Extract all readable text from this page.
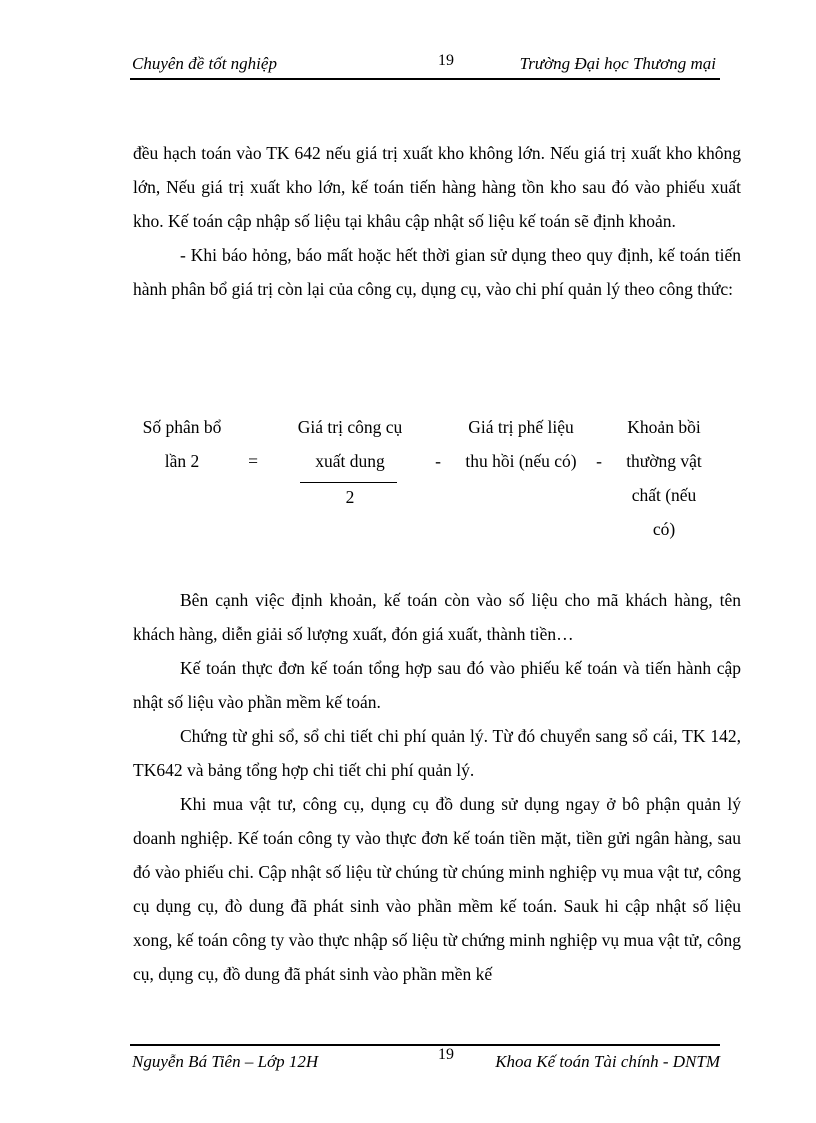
Chuyên đề tốt nghiệp	19	Trường Đại học Thương mại

đều hạch toán vào TK 642 nếu giá trị xuất kho không lớn. Nếu giá trị xuất kho không lớn, Nếu giá trị xuất kho lớn, kế toán tiến hàng hàng tồn kho sau đó vào phiếu xuất kho. Kế toán cập nhập số liệu tại khâu cập nhật số liệu kế toán sẽ định khoản.

- Khi báo hỏng, báo mất hoặc hết thời gian sử dụng theo quy định, kế toán tiến hành phân bổ giá trị còn lại của công cụ, dụng cụ, vào chi phí quản lý theo công thức:

Số phân bổ
lần 2	=
Giá trị công cụ
xuất dung
2
-
Giá trị phế liệu
thu hồi (nếu có)	-
Khoản bồi
thường vật
chất (nếu
có)

Bên cạnh việc định khoản, kế toán còn vào số liệu cho mã khách hàng, tên khách hàng, diễn giải số lượng xuất, đón giá xuất, thành tiền…

Kế toán thực đơn kế toán tổng hợp sau đó vào phiếu kế toán và tiến hành cập nhật số liệu vào phần mềm kế toán.

Chứng từ ghi sổ, sổ chi tiết chi phí quản lý. Từ đó chuyển sang sổ cái, TK 142, TK642 và bảng tổng hợp chi tiết chi phí quản lý.

Khi mua vật tư, công cụ, dụng cụ đồ dung sử dụng ngay ở bô phận quản lý doanh nghiệp. Kế toán công ty vào thực đơn kế toán tiền mặt, tiền gửi ngân hàng, sau đó vào phiếu chi. Cập nhật số liệu từ chúng từ chúng minh nghiệp vụ mua vật tư, công cụ dụng cụ, đò dung đã phát sinh vào phần mềm kế toán. Sauk hi cập nhật số liệu xong, kế toán công ty vào thực nhập số liệu từ chứng minh nghiệp vụ mua vật tử, công cụ, dụng cụ, đồ dung đã phát sinh vào phần mền kế

Nguyễn Bá Tiên – Lớp 12H	19 Khoa Kế toán Tài chính - DNTM
